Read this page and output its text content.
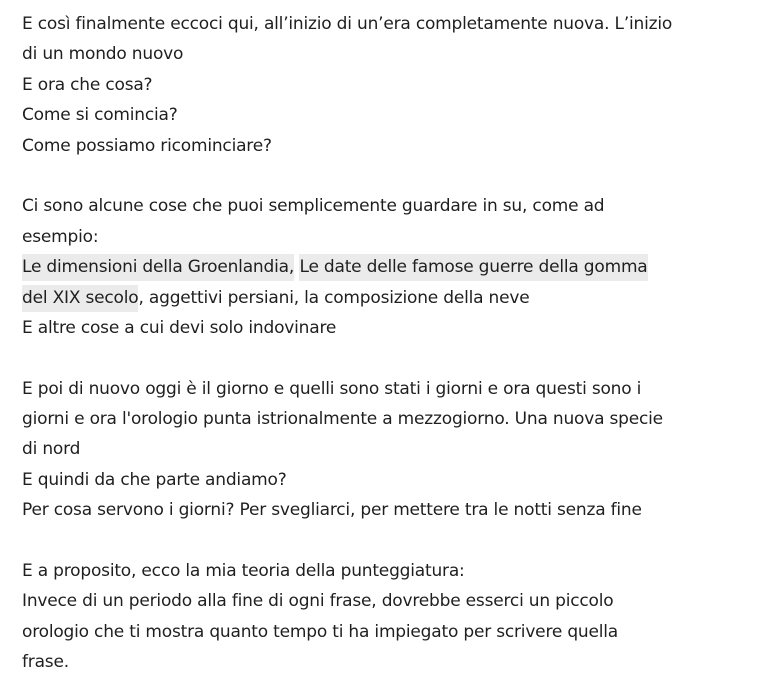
E così finalmente eccoci qui, all’inizio di un’era completamente nuova. L’inizio
di un mondo nuovo
E ora che cosa?
Come si comincia?
Come possiamo ricominciare?
Ci sono alcune cose che puoi semplicemente guardare in su, come ad
esempio:
Le dimensioni della Groenlandia, Le date delle famose guerre della gomma
del XIX secolo, aggettivi persiani, la composizione della neve
E altre cose a cui devi solo indovinare
E poi di nuovo oggi è il giorno e quelli sono stati i giorni e ora questi sono i
giorni e ora l'orologio punta istrionalmente a mezzogiorno. Una nuova specie
di nord
E quindi da che parte andiamo?
Per cosa servono i giorni? Per svegliarci, per mettere tra le notti senza fine
E a proposito, ecco la mia teoria della punteggiatura:
Invece di un periodo alla fine di ogni frase, dovrebbe esserci un piccolo
orologio che ti mostra quanto tempo ti ha impiegato per scrivere quella
frase.
